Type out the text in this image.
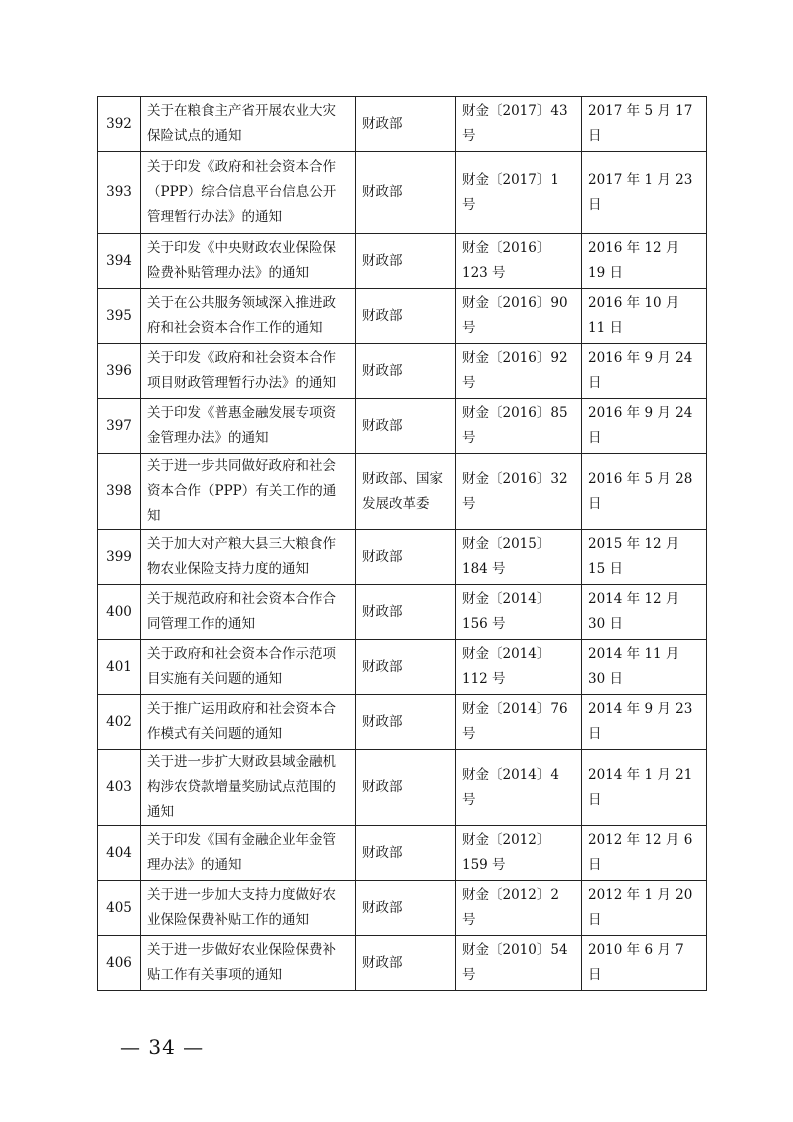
392	关于在粮食主产省开展农业大灾保险试点的通知	财政部	财金〔2017〕43 号	2017 年 5 月 17 日
393	关于印发《政府和社会资本合作（PPP）综合信息平台信息公开管理暂行办法》的通知	财政部	财金〔2017〕1 号	2017 年 1 月 23 日
394	关于印发《中央财政农业保险保险费补贴管理办法》的通知	财政部	财金〔2016〕123 号	2016 年 12 月 19 日
395	关于在公共服务领域深入推进政府和社会资本合作工作的通知	财政部	财金〔2016〕90 号	2016 年 10 月 11 日
396	关于印发《政府和社会资本合作项目财政管理暂行办法》的通知	财政部	财金〔2016〕92 号	2016 年 9 月 24 日
397	关于印发《普惠金融发展专项资金管理办法》的通知	财政部	财金〔2016〕85 号	2016 年 9 月 24 日
398	关于进一步共同做好政府和社会资本合作（PPP）有关工作的通知	财政部、国家发展改革委	财金〔2016〕32 号	2016 年 5 月 28 日
399	关于加大对产粮大县三大粮食作物农业保险支持力度的通知	财政部	财金〔2015〕184 号	2015 年 12 月 15 日
400	关于规范政府和社会资本合作合同管理工作的通知	财政部	财金〔2014〕156 号	2014 年 12 月 30 日
401	关于政府和社会资本合作示范项目实施有关问题的通知	财政部	财金〔2014〕112 号	2014 年 11 月 30 日
402	关于推广运用政府和社会资本合作模式有关问题的通知	财政部	财金〔2014〕76 号	2014 年 9 月 23 日
403	关于进一步扩大财政县域金融机构涉农贷款增量奖励试点范围的通知	财政部	财金〔2014〕4 号	2014 年 1 月 21 日
404	关于印发《国有金融企业年金管理办法》的通知	财政部	财金〔2012〕159 号	2012 年 12 月 6 日
405	关于进一步加大支持力度做好农业保险保费补贴工作的通知	财政部	财金〔2012〕2 号	2012 年 1 月 20 日
406	关于进一步做好农业保险保费补贴工作有关事项的通知	财政部	财金〔2010〕54 号	2010 年 6 月 7 日
— 34 —
